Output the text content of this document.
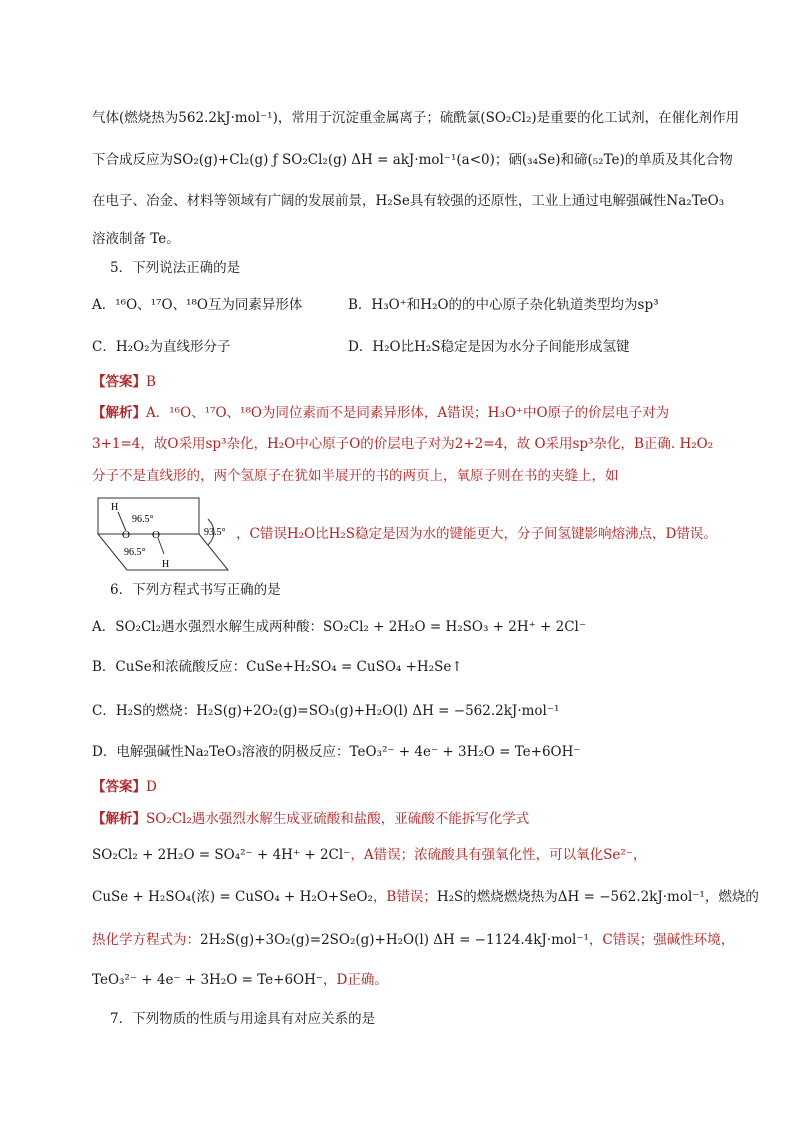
气体(燃烧热为562.2kJ·mol⁻¹)，常用于沉淀重金属离子；硫酰氯(SO₂Cl₂)是重要的化工试剂，在催化剂作用
下合成反应为SO₂(g)+Cl₂(g) ƒ SO₂Cl₂(g) ΔH = akJ·mol⁻¹(a<0)；硒(₃₄Se)和碲(₅₂Te)的单质及其化合物
在电子、冶金、材料等领域有广阔的发展前景，H₂Se具有较强的还原性，工业上通过电解强碱性Na₂TeO₃
溶液制备 Te。
5．下列说法正确的是
A．¹⁶O、¹⁷O、¹⁸O互为同素异形体	B．H₃O⁺和H₂O的的中心原子杂化轨道类型均为sp³
C．H₂O₂为直线形分子	D．H₂O比H₂S稳定是因为水分子间能形成氢键
【答案】B
【解析】A．¹⁶O、¹⁷O、¹⁸O为同位素而不是同素异形体，A错误；H₃O⁺中O原子的价层电子对为
3+1=4，故O采用sp³杂化，H₂O中心原子O的价层电子对为2+2=4，故 O采用sp³杂化，B正确. H₂O₂
分子不是直线形的，两个氢原子在犹如半展开的书的两页上，氧原子则在书的夹缝上，如
H
96.5°
O O
96.5°
H
93.5° ，C错误H₂O比H₂S稳定是因为水的键能更大，分子间氢键影响熔沸点，D错误。
6．下列方程式书写正确的是
A．SO₂Cl₂遇水强烈水解生成两种酸：SO₂Cl₂ + 2H₂O = H₂SO₃ + 2H⁺ + 2Cl⁻
B．CuSe和浓硫酸反应：CuSe+H₂SO₄ = CuSO₄ +H₂Se↑
C．H₂S的燃烧：H₂S(g)+2O₂(g)=SO₃(g)+H₂O(l) ΔH = −562.2kJ·mol⁻¹
D．电解强碱性Na₂TeO₃溶液的阴极反应：TeO₃²⁻ + 4e⁻ + 3H₂O = Te+6OH⁻
【答案】D
【解析】SO₂Cl₂遇水强烈水解生成亚硫酸和盐酸，亚硫酸不能拆写化学式
SO₂Cl₂ + 2H₂O = SO₄²⁻ + 4H⁺ + 2Cl⁻，A错误；浓硫酸具有强氧化性，可以氧化Se²⁻，
CuSe + H₂SO₄(浓) = CuSO₄ + H₂O+SeO₂，B错误；H₂S的燃烧燃烧热为ΔH = −562.2kJ·mol⁻¹，燃烧的
热化学方程式为：2H₂S(g)+3O₂(g)=2SO₂(g)+H₂O(l) ΔH = −1124.4kJ·mol⁻¹，C错误；强碱性环境，
TeO₃²⁻ + 4e⁻ + 3H₂O = Te+6OH⁻，D正确。
7．下列物质的性质与用途具有对应关系的是
